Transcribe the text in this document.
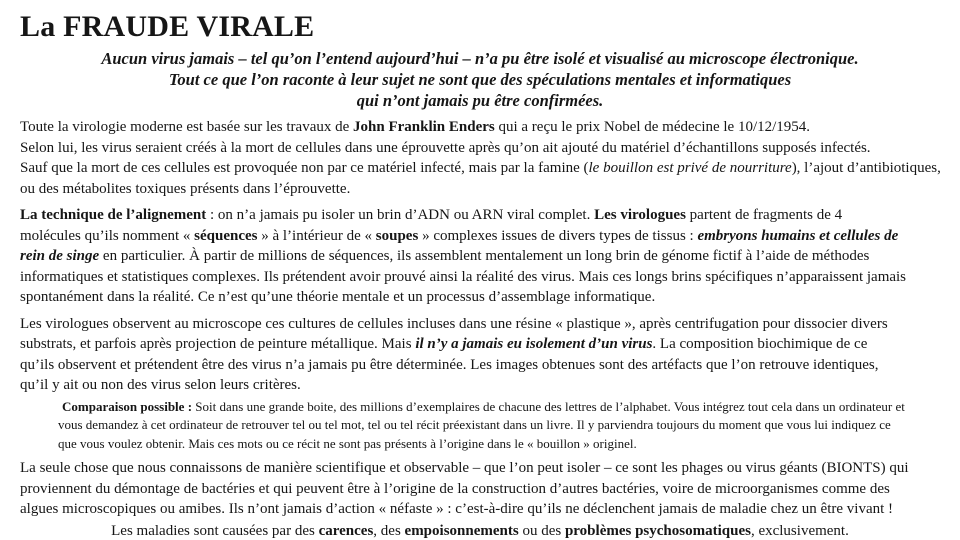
La FRAUDE VIRALE
Aucun virus jamais – tel qu’on l’entend aujourd’hui – n’a pu être isolé et visualisé au microscope électronique.
Tout ce que l’on raconte à leur sujet ne sont que des spéculations mentales et informatiques
qui n’ont jamais pu être confirmées.
Toute la virologie moderne est basée sur les travaux de John Franklin Enders qui a reçu le prix Nobel de médecine le 10/12/1954.
Selon lui, les virus seraient créés à la mort de cellules dans une éprouvette après qu’on ait ajouté du matériel d’échantillons supposés infectés.
Sauf que la mort de ces cellules est provoquée non par ce matériel infecté, mais par la famine (le bouillon est privé de nourriture), l’ajout d’antibiotiques,
ou des métabolites toxiques présents dans l’éprouvette.
La technique de l’alignement : on n’a jamais pu isoler un brin d’ADN ou ARN viral complet. Les virologues partent de fragments de 4
molécules qu’ils nomment « séquences » à l’intérieur de « soupes » complexes issues de divers types de tissus : embryons humains et cellules de
rein de singe en particulier. À partir de millions de séquences, ils assemblent mentalement un long brin de génome fictif à l’aide de méthodes
informatiques et statistiques complexes. Ils prétendent avoir prouvé ainsi la réalité des virus. Mais ces longs brins spécifiques n’apparaissent jamais
spontanément dans la réalité. Ce n’est qu’une théorie mentale et un processus d’assemblage informatique.
Les virologues observent au microscope ces cultures de cellules incluses dans une résine « plastique », après centrifugation pour dissocier divers
substrats, et parfois après projection de peinture métallique. Mais il n’y a jamais eu isolement d’un virus. La composition biochimique de ce
qu’ils observent et prétendent être des virus n’a jamais pu être déterminée. Les images obtenues sont des artéfacts que l’on retrouve identiques,
qu’il y ait ou non des virus selon leurs critères.
Comparaison possible : Soit dans une grande boite, des millions d’exemplaires de chacune des lettres de l’alphabet. Vous intégrez tout cela dans un ordinateur et
vous demandez à cet ordinateur de retrouver tel ou tel mot, tel ou tel récit préexistant dans un livre. Il y parviendra toujours du moment que vous lui indiquez ce
que vous voulez obtenir. Mais ces mots ou ce récit ne sont pas présents à l’origine dans le « bouillon » originel.
La seule chose que nous connaissons de manière scientifique et observable – que l’on peut isoler – ce sont les phages ou virus géants (BIONTS) qui
proviennent du démontage de bactéries et qui peuvent être à l’origine de la construction d’autres bactéries, voire de microorganismes comme des
algues microscopiques ou amibes. Ils n’ont jamais d’action « néfaste » : c’est-à-dire qu’ils ne déclenchent jamais de maladie chez un être vivant !
Les maladies sont causées par des carences, des empoisonnements ou des problèmes psychosomatiques, exclusivement.
